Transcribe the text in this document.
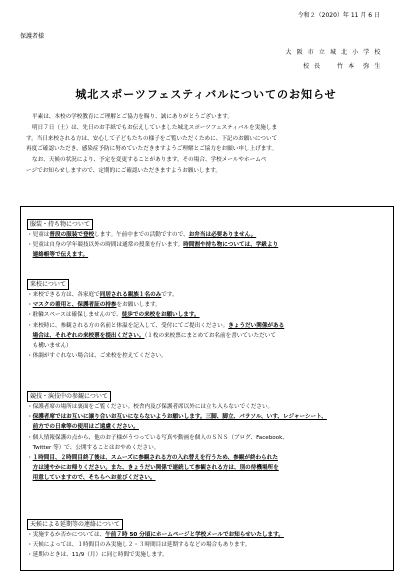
令和２（2020）年 11 月 6 日
保護者様
大 阪 市 立 城 北 小 学 校
校 長　　竹 本　弥 生
城北スポーツフェスティバルについてのお知らせ

平素は、本校の学校教育にご理解とご協力を賜り、誠にありがとうございます。

明日７日（土）は、先日のお手紙でもお伝えしていました城北スポーツフェスティバルを実施しま

す。当日来校される方は、安心して子どもたちの様子をご覧いただくために、下記のお願いについて

再度ご確認いただき、感染症予防に努めていただきますようご理解とご協力をお願い申し上げます。

なお、天候の状況により、予定を変更することがあります。その場合、学校メールやホームペ

ージでお知らせしますので、定期的にご確認いただきますようお願いします。

服装・持ち物について
・児童は普段の服装で登校します。午前中までの活動ですので、お弁当は必要ありません。
・児童は自身の学年競技以外の時間は通常の授業を行います。時間割や持ち物については、学級より
　連絡帳等で伝えます。
来校について
・来校できる方は、各家庭で同居される親族１名のみです。
・マスクの着用と、保護者証の持参をお願いします。
・駐輪スペースは確保しませんので、徒歩での来校をお願いします。
・来校時に、参観される方の名前と体温を記入して、受付にてご提出ください。きょうだい関係がある
　場合は、それぞれの来校票を提出ください。（１枚の来校票にまとめてお名前を書いていただいて
　も構いません）
・体調がすぐれない場合は、ご来校を控えてください。
競技・演技中の参観について
・保護者席の場所は裏面をご覧ください。校舎内及び保護者席以外には立ち入らないでください。
・保護者席ではお互いに譲り合いお互いにならないようお願いします。三脚、脚立、パラソル、いす、レジャーシート、
　前方での日傘等の使用はご遠慮ください。
・個人情報保護の点から、他のお子様がうつっている写真や動画を個人のＳＮＳ（ブログ、Facebook、
　Twitter 等）で、公開することはおやめください。
・１時間目、２時間目終了後は、スムーズに参観される方の入れ替えを行うため、参観が終わられた
　方は速やかにお帰りください。また、きょうだい関係で連続して参観される方は、別の待機場所を
　用意していますので、そちらへお並びください。
天候による延期等の連絡について
・実施するか否かについては、午前７時 50 分頃にホームページと学校メールでお知らせいたします。
・天候によっては、１時間目のみ実施し２・３時間目は延期するなどの場合もあります。
・延期のときは、11/9（月）に同じ時間で実施します。
